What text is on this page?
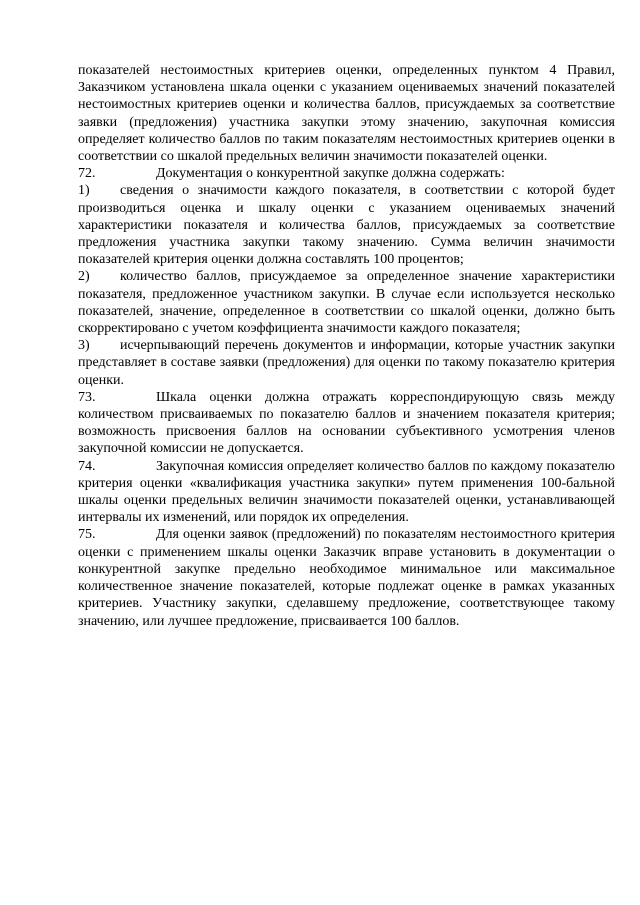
показателей нестоимостных критериев оценки, определенных пунктом 4 Правил, Заказчиком установлена шкала оценки с указанием оцениваемых значений показателей нестоимостных критериев оценки и количества баллов, присуждаемых за соответствие заявки (предложения) участника закупки этому значению, закупочная комиссия определяет количество баллов по таким показателям нестоимостных критериев оценки в соответствии со шкалой предельных величин значимости показателей оценки.

72.	Документация о конкурентной закупке должна содержать:

1) сведения о значимости каждого показателя, в соответствии с которой будет производиться оценка и шкалу оценки с указанием оцениваемых значений характеристики показателя и количества баллов, присуждаемых за соответствие предложения участника закупки такому значению. Сумма величин значимости показателей критерия оценки должна составлять 100 процентов;

2) количество баллов, присуждаемое за определенное значение характеристики показателя, предложенное участником закупки. В случае если используется несколько показателей, значение, определенное в соответствии со шкалой оценки, должно быть скорректировано с учетом коэффициента значимости каждого показателя;

3) исчерпывающий перечень документов и информации, которые участник закупки представляет в составе заявки (предложения) для оценки по такому показателю критерия оценки.

73.	Шкала оценки должна отражать корреспондирующую связь между количеством присваиваемых по показателю баллов и значением показателя критерия; возможность присвоения баллов на основании субъективного усмотрения членов закупочной комиссии не допускается.

74.	Закупочная комиссия определяет количество баллов по каждому показателю критерия оценки «квалификация участника закупки» путем применения 100-бальной шкалы оценки предельных величин значимости показателей оценки, устанавливающей интервалы их изменений, или порядок их определения.

75.	Для оценки заявок (предложений) по показателям нестоимостного критерия оценки с применением шкалы оценки Заказчик вправе установить в документации о конкурентной закупке предельно необходимое минимальное или максимальное количественное значение показателей, которые подлежат оценке в рамках указанных критериев. Участнику закупки, сделавшему предложение, соответствующее такому значению, или лучшее предложение, присваивается 100 баллов.
